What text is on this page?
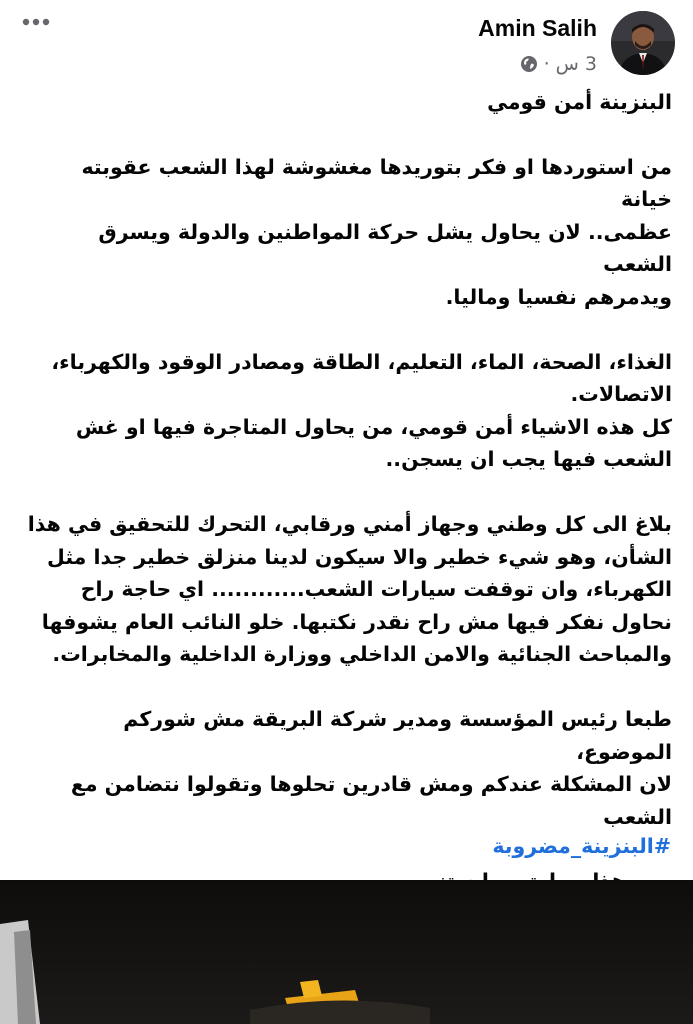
Amin Salih
· 3 س

البنزينة أمن قومي

من استوردها او فكر بتوريدها مغشوشة لهذا الشعب عقوبته خيانة
عظمى.. لان يحاول يشل حركة المواطنين والدولة ويسرق الشعب
ويدمرهم نفسيا وماليا.

الغذاء، الصحة، الماء، التعليم، الطاقة ومصادر الوقود والكهرباء،
الاتصالات.
كل هذه الاشياء أمن قومي، من يحاول المتاجرة فيها او غش
الشعب فيها يجب ان يسجن..

بلاغ الى كل وطني وجهاز أمني ورقابي، التحرك للتحقيق في هذا
الشأن، وهو شيء خطير والا سيكون لدينا منزلق خطير جدا مثل
الكهرباء، وان توقفت سيارات الشعب............ اي حاجة راح
نحاول نفكر فيها مش راح نقدر نكتبها. خلو النائب العام يشوفها
والمباحث الجنائية والامن الداخلي ووزارة الداخلية والمخابرات.

طبعا رئيس المؤسسة ومدير شركة البريقة مش شوركم الموضوع،
لان المشكلة عندكم ومش قادرين تحلوها وتقولوا نتضامن مع
الشعب

#البنزينة_مضروبة
